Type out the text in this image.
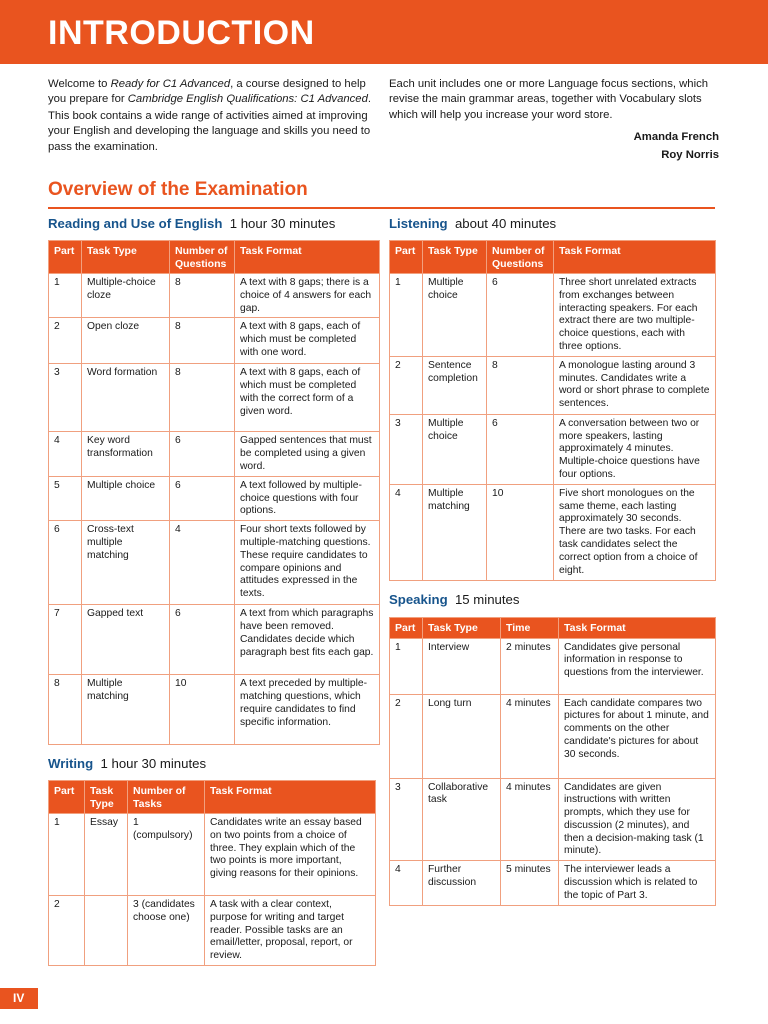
INTRODUCTION

Welcome to Ready for C1 Advanced, a course designed to help you prepare for Cambridge English Qualifications: C1 Advanced.

This book contains a wide range of activities aimed at improving your English and developing the language and skills you need to pass the examination.

Each unit includes one or more Language focus sections, which revise the main grammar areas, together with Vocabulary slots which will help you increase your word store.

Amanda French
Roy Norris
Overview of the Examination
Reading and Use of English 1 hour 30 minutes
Part	Task Type	Number of Questions	Task Format
1	Multiple-choice cloze	8	A text with 8 gaps; there is a choice of 4 answers for each gap.
2	Open cloze	8	A text with 8 gaps, each of which must be completed with one word.
3	Word formation	8	A text with 8 gaps, each of which must be completed with the correct form of a given word.
4	Key word transformation	6	Gapped sentences that must be completed using a given word.
5	Multiple choice	6	A text followed by multiple-choice questions with four options.
6	Cross-text multiple matching	4	Four short texts followed by multiple-matching questions. These require candidates to compare opinions and attitudes expressed in the texts.
7	Gapped text	6	A text from which paragraphs have been removed. Candidates decide which paragraph best fits each gap.
8	Multiple matching	10	A text preceded by multiple-matching questions, which require candidates to find specific information.
Writing 1 hour 30 minutes
Part	Task Type	Number of Tasks	Task Format
1	Essay	1 (compulsory)	Candidates write an essay based on two points from a choice of three. They explain which of the two points is more important, giving reasons for their opinions.
2		3 (candidates choose one)	A task with a clear context, purpose for writing and target reader. Possible tasks are an email/letter, proposal, report, or review.
Listening about 40 minutes
Part	Task Type	Number of Questions	Task Format
1	Multiple choice	6	Three short unrelated extracts from exchanges between interacting speakers. For each extract there are two multiple-choice questions, each with three options.
2	Sentence completion	8	A monologue lasting around 3 minutes. Candidates write a word or short phrase to complete sentences.
3	Multiple choice	6	A conversation between two or more speakers, lasting approximately 4 minutes. Multiple-choice questions have four options.
4	Multiple matching	10	Five short monologues on the same theme, each lasting approximately 30 seconds. There are two tasks. For each task candidates select the correct option from a choice of eight.
Speaking 15 minutes
Part	Task Type	Time	Task Format
1	Interview	2 minutes	Candidates give personal information in response to questions from the interviewer.
2	Long turn	4 minutes	Each candidate compares two pictures for about 1 minute, and comments on the other candidate's pictures for about 30 seconds.
3	Collaborative task	4 minutes	Candidates are given instructions with written prompts, which they use for discussion (2 minutes), and then a decision-making task (1 minute).
4	Further discussion	5 minutes	The interviewer leads a discussion which is related to the topic of Part 3.
IV
